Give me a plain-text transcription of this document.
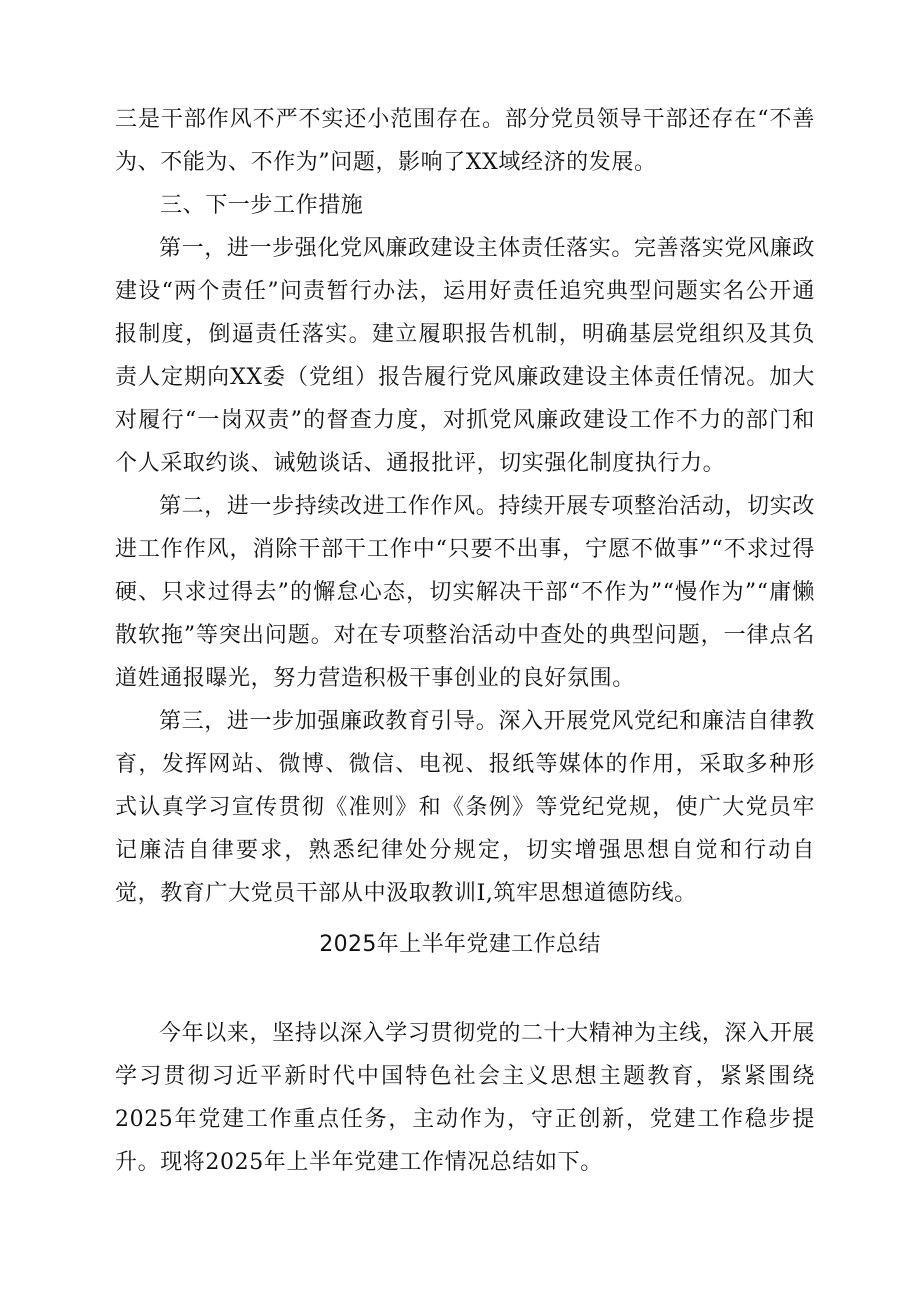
三是干部作风不严不实还小范围存在。部分党员领导干部还存在“不善为、不能为、不作为”问题，影响了XX域经济的发展。

三、下一步工作措施

第一，进一步强化党风廉政建设主体责任落实。完善落实党风廉政建设“两个责任”问责暂行办法，运用好责任追究典型问题实名公开通报制度，倒逼责任落实。建立履职报告机制，明确基层党组织及其负责人定期向XX委（党组）报告履行党风廉政建设主体责任情况。加大对履行“一岗双责”的督查力度，对抓党风廉政建设工作不力的部门和个人采取约谈、诫勉谈话、通报批评，切实强化制度执行力。

第二，进一步持续改进工作作风。持续开展专项整治活动，切实改进工作作风，消除干部干工作中“只要不出事，宁愿不做事”“不求过得硬、只求过得去”的懈怠心态，切实解决干部“不作为”“慢作为”“庸懒散软拖”等突出问题。对在专项整治活动中查处的典型问题，一律点名道姓通报曝光，努力营造积极干事创业的良好氛围。

第三，进一步加强廉政教育引导。深入开展党风党纪和廉洁自律教育，发挥网站、微博、微信、电视、报纸等媒体的作用，采取多种形式认真学习宣传贯彻《准则》和《条例》等党纪党规，使广大党员牢记廉洁自律要求，熟悉纪律处分规定，切实增强思想自觉和行动自觉，教育广大党员干部从中汲取教训I,筑牢思想道德防线。

2025年上半年党建工作总结

今年以来，坚持以深入学习贯彻党的二十大精神为主线，深入开展学习贯彻习近平新时代中国特色社会主义思想主题教育，紧紧围绕2025年党建工作重点任务，主动作为，守正创新，党建工作稳步提升。现将2025年上半年党建工作情况总结如下。
